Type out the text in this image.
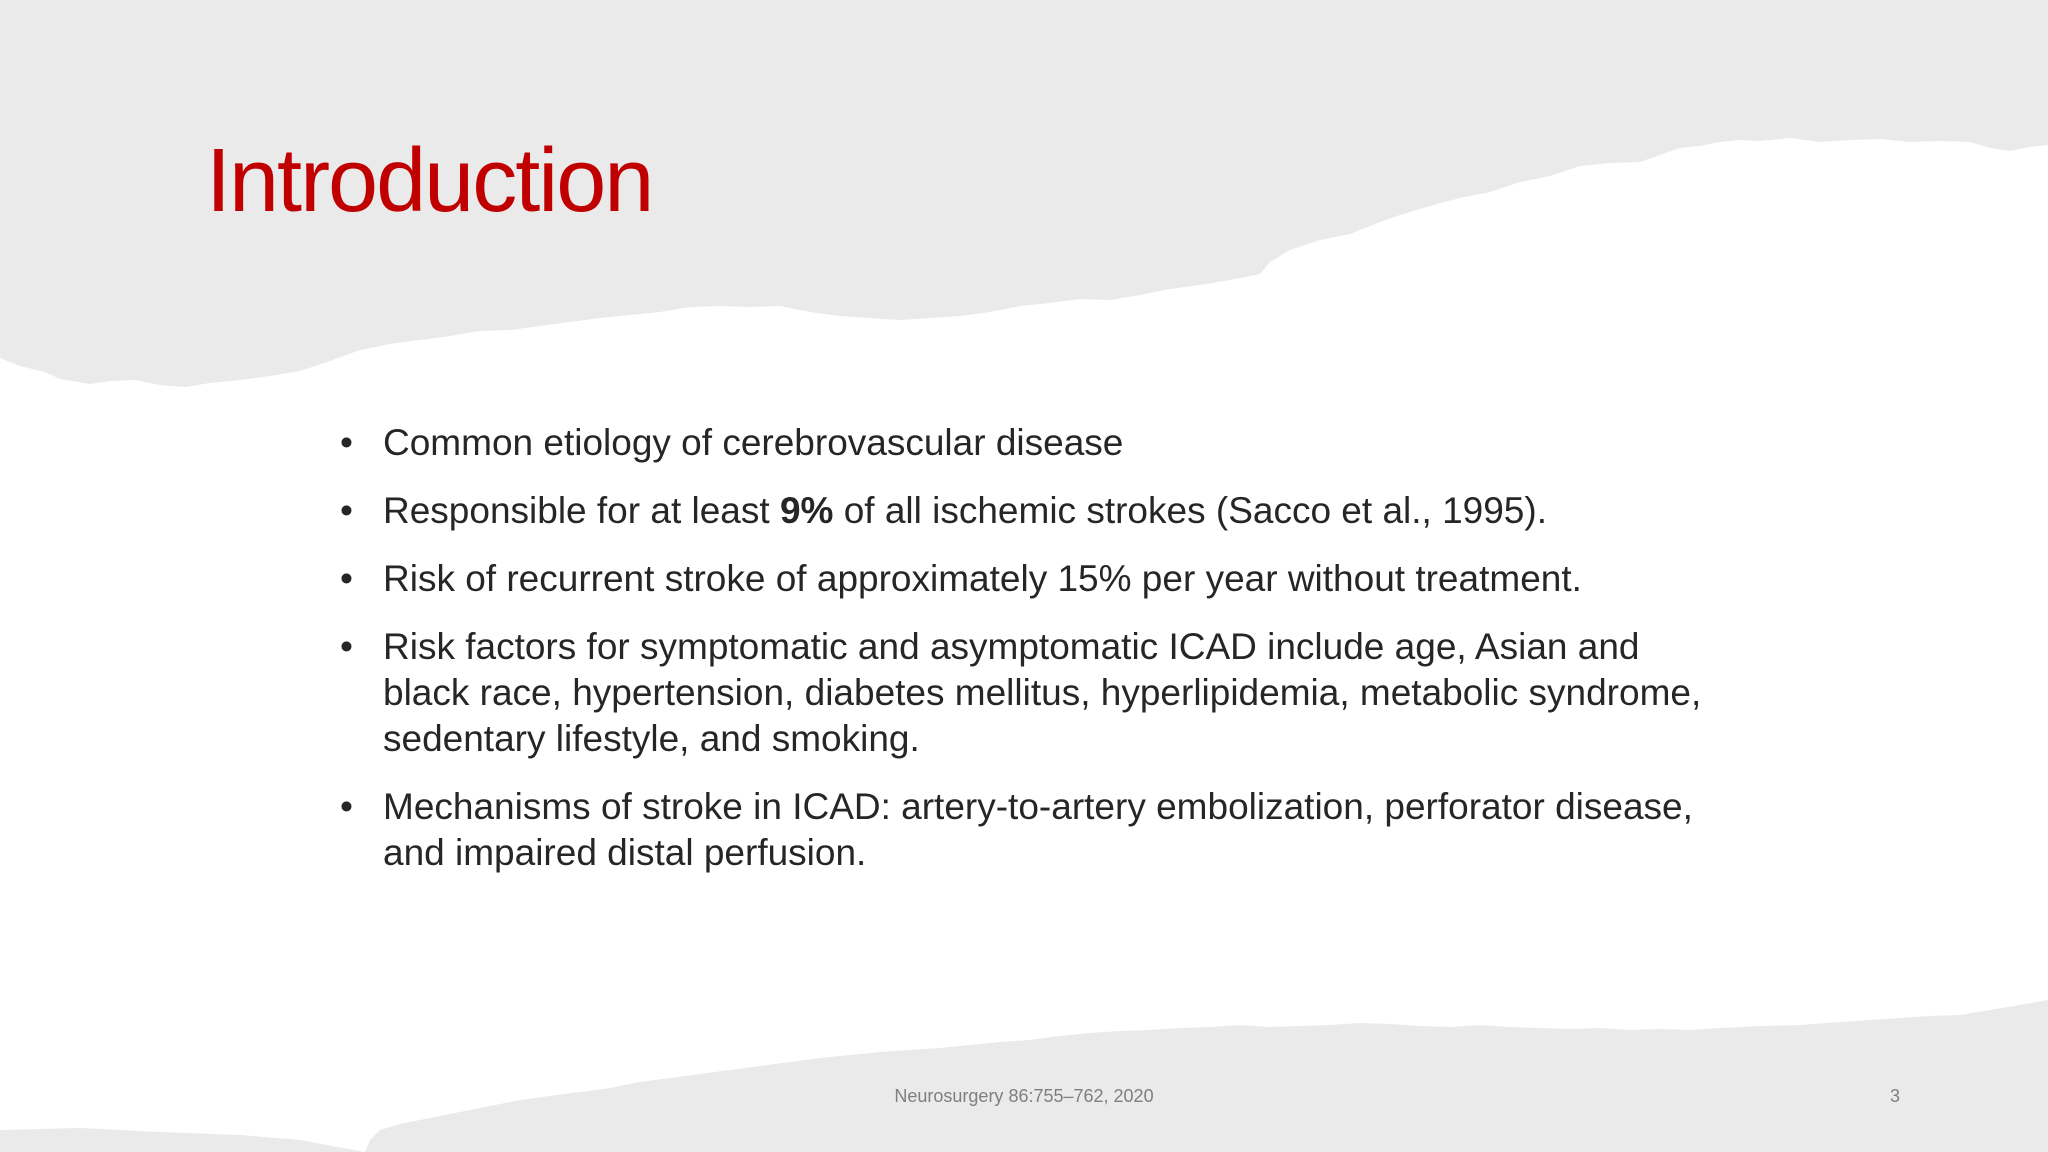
Introduction
• Common etiology of cerebrovascular disease
• Responsible for at least 9% of all ischemic strokes (Sacco et al., 1995).
• Risk of recurrent stroke of approximately 15% per year without treatment.
• Risk factors for symptomatic and asymptomatic ICAD include age, Asian and black race, hypertension, diabetes mellitus, hyperlipidemia, metabolic syndrome, sedentary lifestyle, and smoking.
• Mechanisms of stroke in ICAD: artery-to-artery embolization, perforator disease, and impaired distal perfusion.
Neurosurgery 86:755–762, 2020	3
